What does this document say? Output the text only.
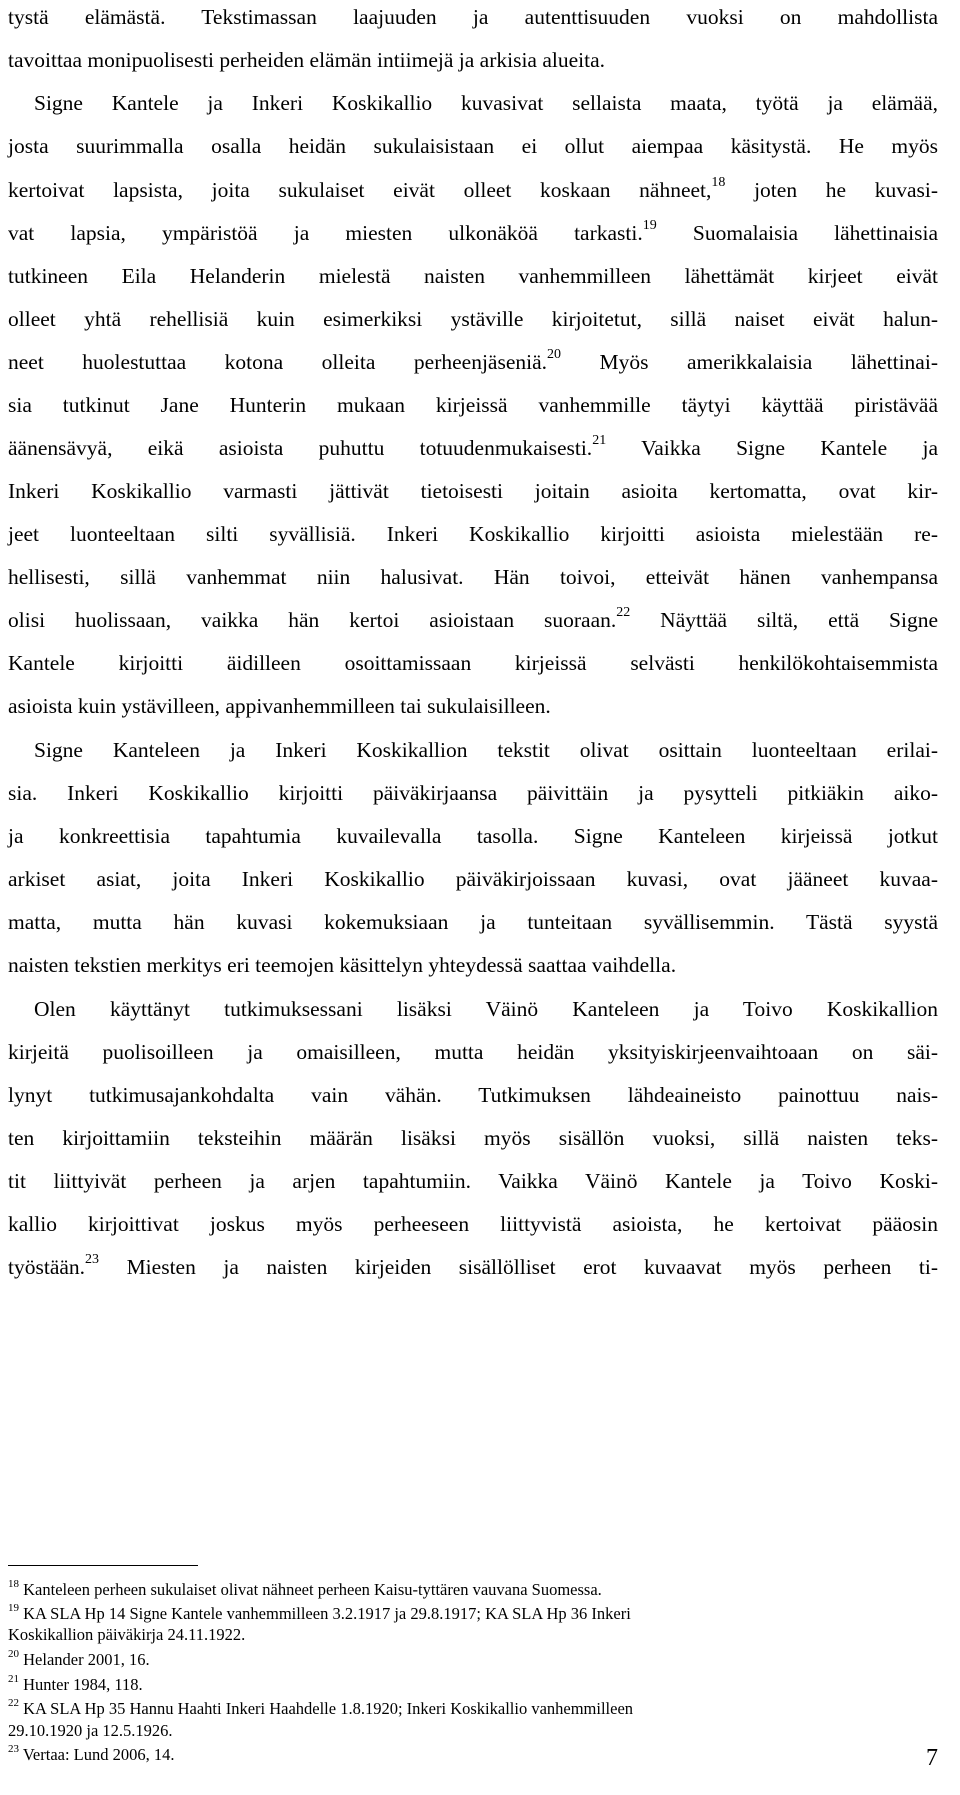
tystä elämästä. Tekstimassan laajuuden ja autenttisuuden vuoksi on mahdollista
tavoittaa monipuolisesti perheiden elämän intiimejä ja arkisia alueita.
Signe Kantele ja Inkeri Koskikallio kuvasivat sellaista maata, työtä ja elämää,
josta suurimmalla osalla heidän sukulaisistaan ei ollut aiempaa käsitystä. He myös
kertoivat lapsista, joita sukulaiset eivät olleet koskaan nähneet,$^{18}$ joten he kuvasi-
vat lapsia, ympäristöä ja miesten ulkonäköä tarkasti.$^{19}$ Suomalaisia lähettinaisia
tutkineen Eila Helanderin mielestä naisten vanhemmilleen lähettämät kirjeet eivät
olleet yhtä rehellisiä kuin esimerkiksi ystäville kirjoitetut, sillä naiset eivät halun-
neet huolestuttaa kotona olleita perheenjäseniä.$^{20}$ Myös amerikkalaisia lähettinai-
sia tutkinut Jane Hunterin mukaan kirjeissä vanhemmille täytyi käyttää piristävää
äänensävyä, eikä asioista puhuttu totuudenmukaisesti.$^{21}$ Vaikka Signe Kantele ja
Inkeri Koskikallio varmasti jättivät tietoisesti joitain asioita kertomatta, ovat kir-
jeet luonteeltaan silti syvällisiä. Inkeri Koskikallio kirjoitti asioista mielestään re-
hellisesti, sillä vanhemmat niin halusivat. Hän toivoi, etteivät hänen vanhempansa
olisi huolissaan, vaikka hän kertoi asioistaan suoraan.$^{22}$ Näyttää siltä, että Signe
Kantele kirjoitti äidilleen osoittamissaan kirjeissä selvästi henkilökohtaisemmista
asioista kuin ystävilleen, appivanhemmilleen tai sukulaisilleen.
Signe Kanteleen ja Inkeri Koskikallion tekstit olivat osittain luonteeltaan erilai-
sia. Inkeri Koskikallio kirjoitti päiväkirjaansa päivittäin ja pysytteli pitkiäkin aiko-
ja konkreettisia tapahtumia kuvailevalla tasolla. Signe Kanteleen kirjeissä jotkut
arkiset asiat, joita Inkeri Koskikallio päiväkirjoissaan kuvasi, ovat jääneet kuvaa-
matta, mutta hän kuvasi kokemuksiaan ja tunteitaan syvällisemmin. Tästä syystä
naisten tekstien merkitys eri teemojen käsittelyn yhteydessä saattaa vaihdella.
Olen käyttänyt tutkimuksessani lisäksi Väinö Kanteleen ja Toivo Koskikallion
kirjeitä puolisoilleen ja omaisilleen, mutta heidän yksityiskirjeenvaihtoaan on säi-
lynyt tutkimusajankohdalta vain vähän. Tutkimuksen lähdeaineisto painottuu nais-
ten kirjoittamiin teksteihin määrän lisäksi myös sisällön vuoksi, sillä naisten teks-
tit liittyivät perheen ja arjen tapahtumiin. Vaikka Väinö Kantele ja Toivo Koski-
kallio kirjoittivat joskus myös perheeseen liittyvistä asioista, he kertoivat pääosin
työstään.$^{23}$ Miesten ja naisten kirjeiden sisällölliset erot kuvaavat myös perheen ti-
$^{18}$ Kanteleen perheen sukulaiset olivat nähneet perheen Kaisu-tyttären vauvana Suomessa.
$^{19}$ KA SLA Hp 14 Signe Kantele vanhemmilleen 3.2.1917 ja 29.8.1917; KA SLA Hp 36 Inkeri
Koskikallion päiväkirja 24.11.1922.
$^{20}$ Helander 2001, 16.
$^{21}$ Hunter 1984, 118.
$^{22}$ KA SLA Hp 35 Hannu Haahti Inkeri Haahdelle 1.8.1920; Inkeri Koskikallio vanhemmilleen
29.10.1920 ja 12.5.1926.
$^{23}$ Vertaa: Lund 2006, 14.	7
